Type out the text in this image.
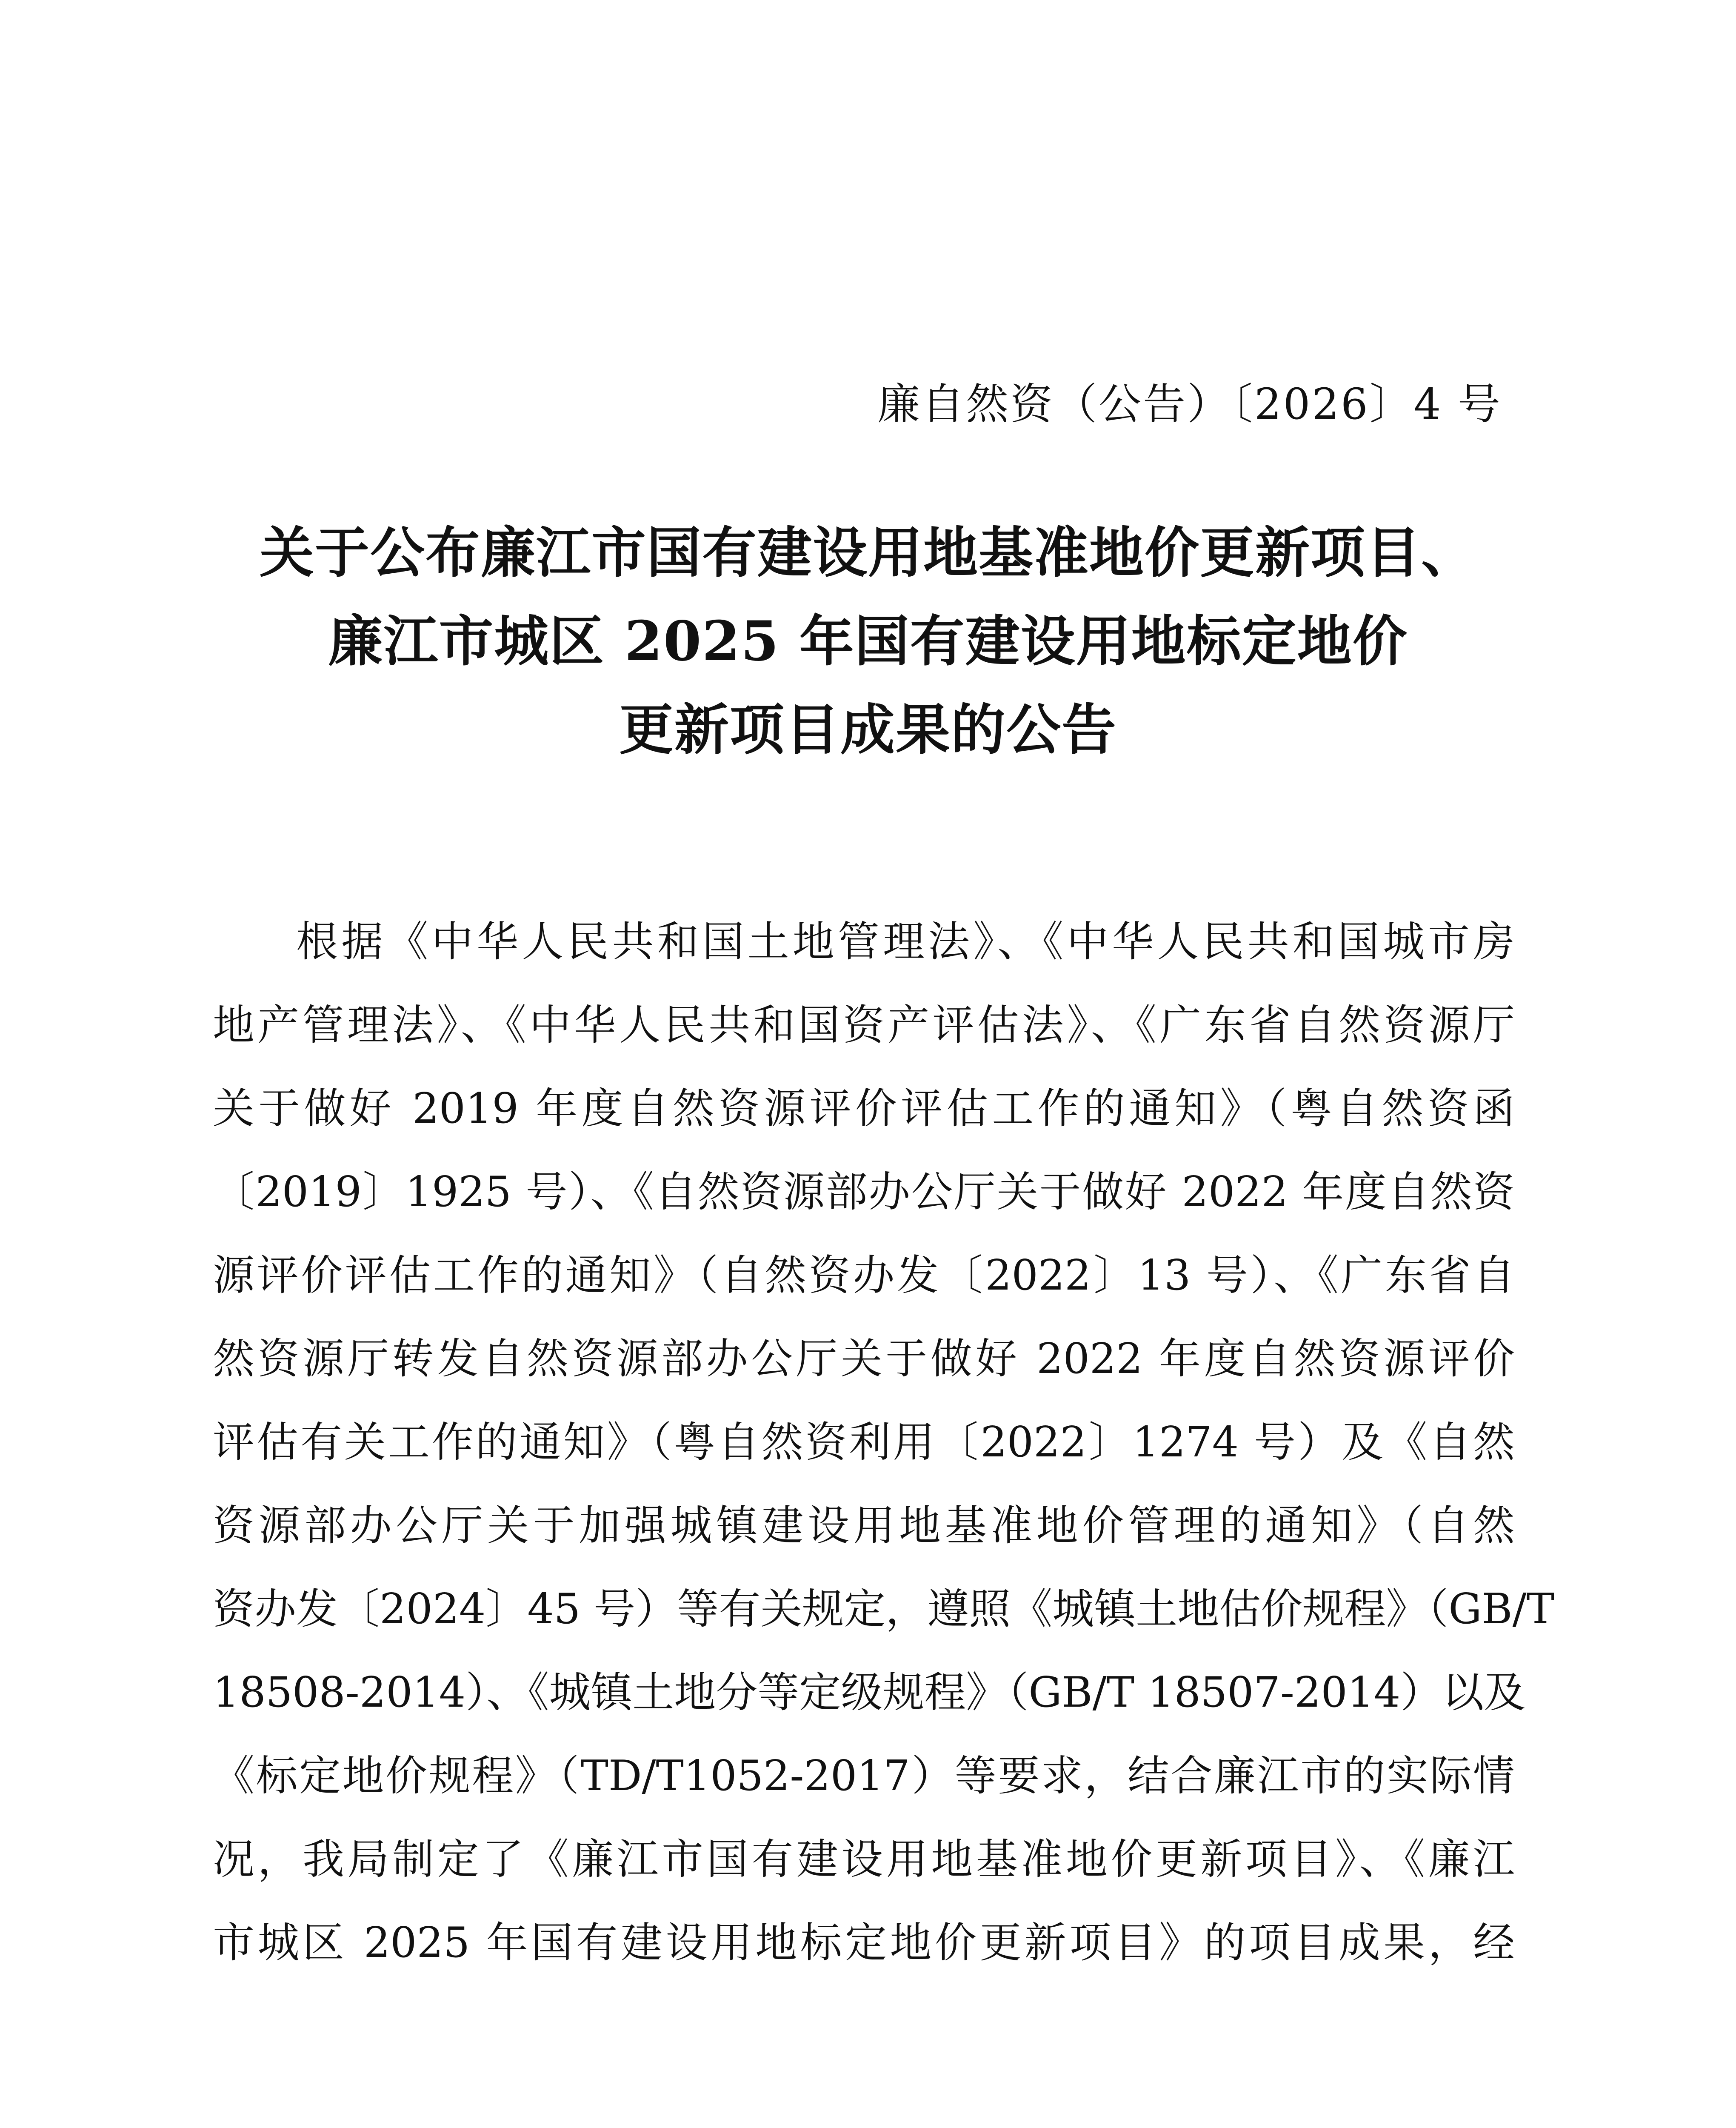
廉自然资（公告）〔2026〕4 号
关于公布廉江市国有建设用地基准地价更新项目、
廉江市城区 2025 年国有建设用地标定地价
更新项目成果的公告
根据《中华人民共和国土地管理法》、《中华人民共和国城市房
地产管理法》、《中华人民共和国资产评估法》、《广东省自然资源厅
关于做好 2019 年度自然资源评价评估工作的通知》（粤自然资函
〔2019〕1925 号）、《自然资源部办公厅关于做好 2022 年度自然资
源评价评估工作的通知》（自然资办发〔2022〕13 号）、《广东省自
然资源厅转发自然资源部办公厅关于做好 2022 年度自然资源评价
评估有关工作的通知》（粤自然资利用〔2022〕1274 号）及《自然
资源部办公厅关于加强城镇建设用地基准地价管理的通知》（自然
资办发〔2024〕45 号）等有关规定，遵照《城镇土地估价规程》（GB/T
18508-2014）、《城镇土地分等定级规程》（GB/T 18507-2014）以及
《标定地价规程》（TD/T1052-2017）等要求，结合廉江市的实际情
况，我局制定了《廉江市国有建设用地基准地价更新项目》、《廉江
市城区 2025 年国有建设用地标定地价更新项目》的项目成果，经
